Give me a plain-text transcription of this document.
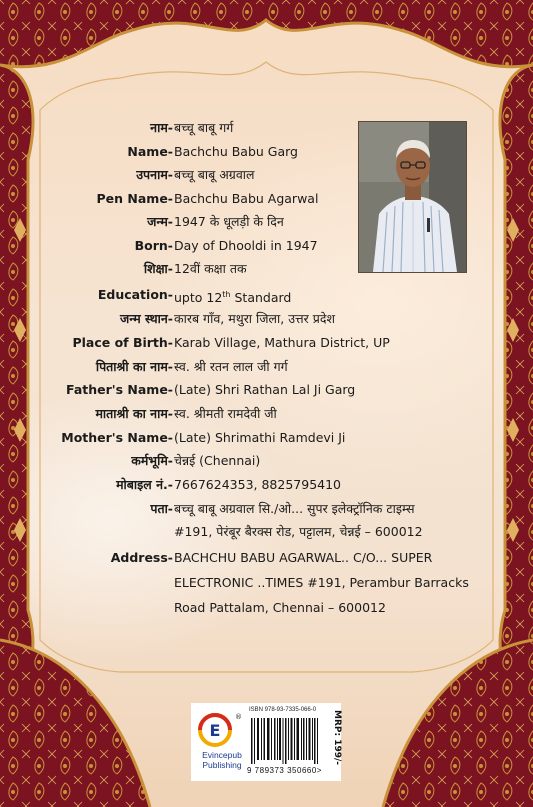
नाम- बच्चू बाबू गर्ग
Name- Bachchu Babu Garg
उपनाम- बच्चू बाबू अग्रवाल
Pen Name- Bachchu Babu Agarwal
जन्म- 1947 के धूलड़ी के दिन
Born- Day of Dhooldi in 1947
शिक्षा- 12वीं कक्षा तक
Education- upto 12th Standard
जन्म स्थान- कारब गाँव, मथुरा जिला, उत्तर प्रदेश
Place of Birth- Karab Village, Mathura District, UP
पिताश्री का नाम- स्व. श्री रतन लाल जी गर्ग
Father's Name- (Late) Shri Rathan Lal Ji Garg
माताश्री का नाम- स्व. श्रीमती रामदेवी जी
Mother's Name- (Late) Shrimathi Ramdevi Ji
कर्मभूमि- चेन्नई (Chennai)
मोबाइल नं.- 7667624353, 8825795410
पता- बच्चू बाबू अग्रवाल सि./ओ... सुपर इलेक्ट्रॉनिक टाइम्स
#191, पेरंबूर बैरक्स रोड, पट्टालम, चेन्नई – 600012
Address- BACHCHU BABU AGARWAL.. C/O... SUPER
ELECTRONIC ..TIMES #191, Perambur Barracks
Road Pattalam, Chennai – 600012
E
®
Evincepub
Publishing
ISBN 978-93-7335-066-0
9 789373 350660>
MRP: 199/-
